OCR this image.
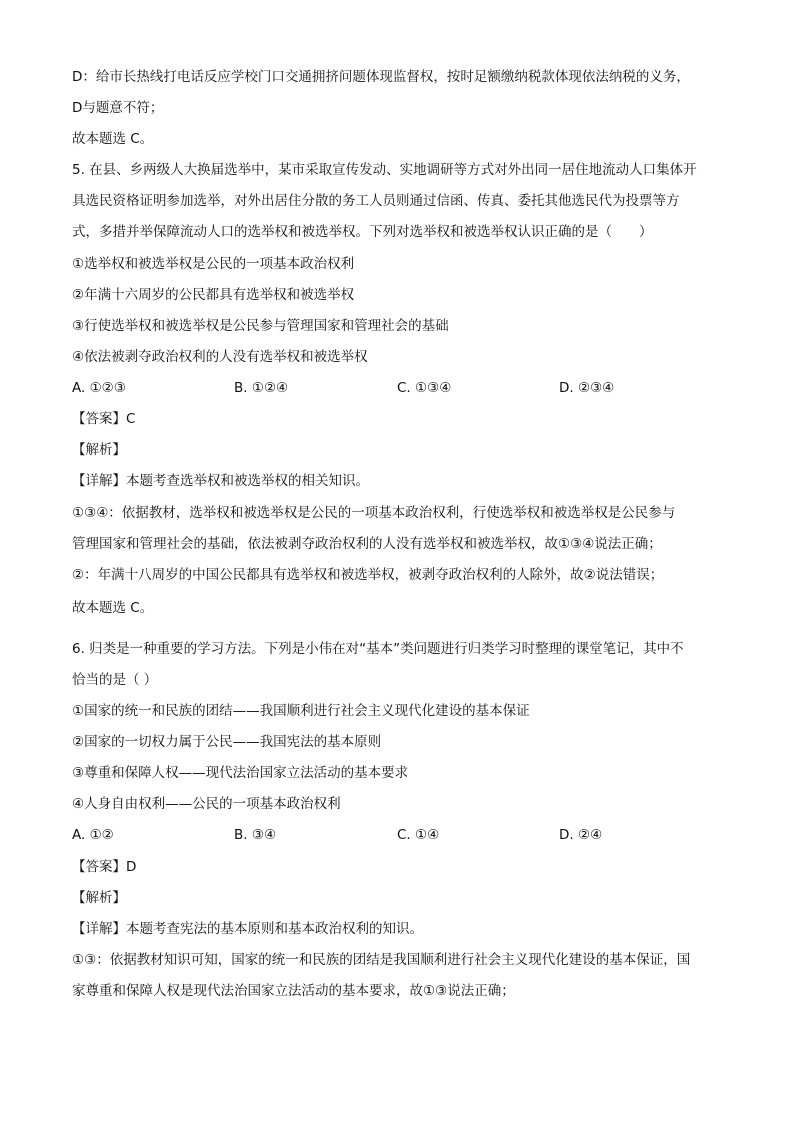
D：给市长热线打电话反应学校门口交通拥挤问题体现监督权，按时足额缴纳税款体现依法纳税的义务，
D与题意不符；
故本题选 C。
5. 在县、乡两级人大换届选举中，某市采取宣传发动、实地调研等方式对外出同一居住地流动人口集体开
具选民资格证明参加选举，对外出居住分散的务工人员则通过信函、传真、委托其他选民代为投票等方
式，多措并举保障流动人口的选举权和被选举权。下列对选举权和被选举权认识正确的是（　　）
①选举权和被选举权是公民的一项基本政治权利
②年满十六周岁的公民都具有选举权和被选举权
③行使选举权和被选举权是公民参与管理国家和管理社会的基础
④依法被剥夺政治权利的人没有选举权和被选举权
A. ①②③	B. ①②④	C. ①③④	D. ②③④
【答案】C
【解析】
【详解】本题考查选举权和被选举权的相关知识。
①③④：依据教材，选举权和被选举权是公民的一项基本政治权利，行使选举权和被选举权是公民参与
管理国家和管理社会的基础，依法被剥夺政治权利的人没有选举权和被选举权，故①③④说法正确；
②：年满十八周岁的中国公民都具有选举权和被选举权，被剥夺政治权利的人除外，故②说法错误；
故本题选 C。
6. 归类是一种重要的学习方法。下列是小伟在对“基本”类问题进行归类学习时整理的课堂笔记，其中不
恰当的是（ ）
①国家的统一和民族的团结——我国顺利进行社会主义现代化建设的基本保证
②国家的一切权力属于公民——我国宪法的基本原则
③尊重和保障人权——现代法治国家立法活动的基本要求
④人身自由权利——公民的一项基本政治权利
A. ①②	B. ③④	C. ①④	D. ②④
【答案】D
【解析】
【详解】本题考查宪法的基本原则和基本政治权利的知识。
①③：依据教材知识可知，国家的统一和民族的团结是我国顺利进行社会主义现代化建设的基本保证，国
家尊重和保障人权是现代法治国家立法活动的基本要求，故①③说法正确；
